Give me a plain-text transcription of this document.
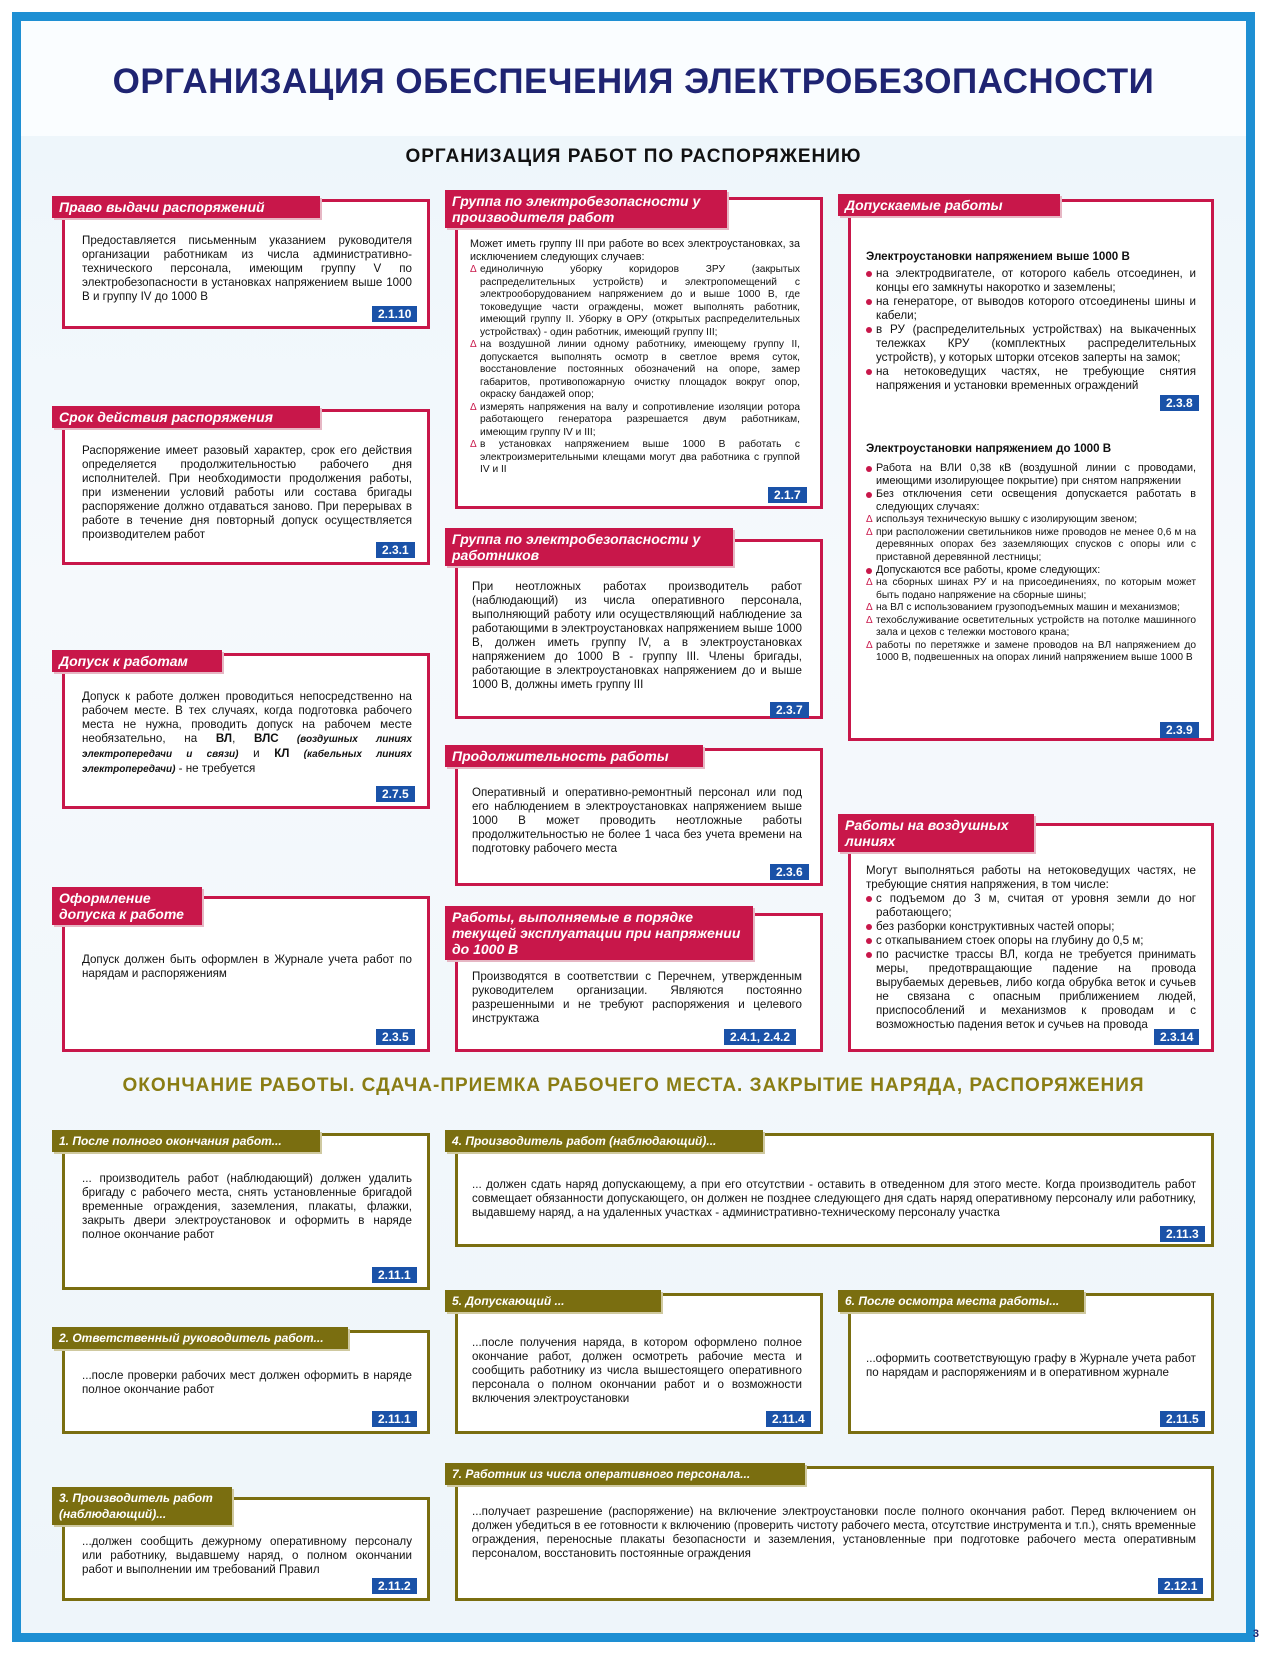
ОРГАНИЗАЦИЯ ОБЕСПЕЧЕНИЯ ЭЛЕКТРОБЕЗОПАСНОСТИ
ОРГАНИЗАЦИЯ РАБОТ ПО РАСПОРЯЖЕНИЮ
Право выдачи распоряжений
Предоставляется письменным указанием руководителя организации работникам из числа административно-технического персонала, имеющим группу V по электробезопасности в установках напряжением выше 1000 В и группу IV до 1000 В
2.1.10
Срок действия распоряжения
Распоряжение имеет разовый характер, срок его действия определяется продолжительностью рабочего дня исполнителей. При необходимости продолжения работы, при изменении условий работы или состава бригады распоряжение должно отдаваться заново. При перерывах в работе в течение дня повторный допуск осуществляется производителем работ
2.3.1
Допуск к работам
Допуск к работе должен проводиться непосредственно на рабочем месте. В тех случаях, когда подготовка рабочего места не нужна, проводить допуск на рабочем месте необязательно, на ВЛ, ВЛС (воздушных линиях электропередачи и связи) и КЛ (кабельных линиях электропередачи) - не требуется
2.7.5
Оформление допуска к работе
Допуск должен быть оформлен в Журнале учета работ по нарядам и распоряжениям
2.3.5
Группа по электробезопасности у производителя работ

Может иметь группу III при работе во всех электроустановках, за исключением следующих случаев:

Δ единоличную уборку коридоров ЗРУ (закрытых распределительных устройств) и электропомещений с электрооборудованием напряжением до и выше 1000 В, где токоведущие части ограждены, может выполнять работник, имеющий группу II. Уборку в ОРУ (открытых распределительных устройствах) - один работник, имеющий группу III;

Δ на воздушной линии одному работнику, имеющему группу II, допускается выполнять осмотр в светлое время суток, восстановление постоянных обозначений на опоре, замер габаритов, противопожарную очистку площадок вокруг опор, окраску бандажей опор;

Δ измерять напряжения на валу и сопротивление изоляции ротора работающего генератора разрешается двум работникам, имеющим группу IV и III;

Δ в установках напряжением выше 1000 В работать с электроизмерительными клещами могут два работника с группой IV и II

2.1.7
Группа по электробезопасности у работников
При неотложных работах производитель работ (наблюдающий) из числа оперативного персонала, выполняющий работу или осуществляющий наблюдение за работающими в электроустановках напряжением выше 1000 В, должен иметь группу IV, а в электроустановках напряжением до 1000 В - группу III. Члены бригады, работающие в электроустановках напряжением до и выше 1000 В, должны иметь группу III
2.3.7
Продолжительность работы
Оперативный и оперативно-ремонтный персонал или под его наблюдением в электроустановках напряжением выше 1000 В может проводить неотложные работы продолжительностью не более 1 часа без учета времени на подготовку рабочего места
2.3.6
Работы, выполняемые в порядке текущей эксплуатации при напряжении до 1000 В
Производятся в соответствии с Перечнем, утвержденным руководителем организации. Являются постоянно разрешенными и не требуют распоряжения и целевого инструктажа
2.4.1, 2.4.2
Допускаемые работы

Электроустановки напряжением выше 1000 В

на электродвигателе, от которого кабель отсоединен, и концы его замкнуты накоротко и заземлены;

на генераторе, от выводов которого отсоединены шины и кабели;

в РУ (распределительных устройствах) на выкаченных тележках КРУ (комплектных распределительных устройств), у которых шторки отсеков заперты на замок;

на нетоковедущих частях, не требующие снятия напряжения и установки временных ограждений

2.3.8

Электроустановки напряжением до 1000 В

Работа на ВЛИ 0,38 кВ (воздушной линии с проводами, имеющими изолирующее покрытие) при снятом напряжении

Без отключения сети освещения допускается работать в следующих случаях:

Δ используя техническую вышку с изолирующим звеном;

Δ при расположении светильников ниже проводов не менее 0,6 м на деревянных опорах без заземляющих спусков с опоры или с приставной деревянной лестницы;

Допускаются все работы, кроме следующих:

Δ на сборных шинах РУ и на присоединениях, по которым может быть подано напряжение на сборные шины;

Δ на ВЛ с использованием грузоподъемных машин и механизмов;

Δ техобслуживание осветительных устройств на потолке машинного зала и цехов с тележки мостового крана;

Δ работы по перетяжке и замене проводов на ВЛ напряжением до 1000 В, подвешенных на опорах линий напряжением выше 1000 В

2.3.9
Работы на воздушных линиях

Могут выполняться работы на нетоковедущих частях, не требующие снятия напряжения, в том числе:

с подъемом до 3 м, считая от уровня земли до ног работающего;

без разборки конструктивных частей опоры;

с откапыванием стоек опоры на глубину до 0,5 м;

по расчистке трассы ВЛ, когда не требуется принимать меры, предотвращающие падение на провода вырубаемых деревьев, либо когда обрубка веток и сучьев не связана с опасным приближением людей, приспособлений и механизмов к проводам и с возможностью падения веток и сучьев на провода

2.3.14
ОКОНЧАНИЕ РАБОТЫ. СДАЧА-ПРИЕМКА РАБОЧЕГО МЕСТА. ЗАКРЫТИЕ НАРЯДА, РАСПОРЯЖЕНИЯ
1. После полного окончания работ...
... производитель работ (наблюдающий) должен удалить бригаду с рабочего места, снять установленные бригадой временные ограждения, заземления, плакаты, флажки, закрыть двери электроустановок и оформить в наряде полное окончание работ
2.11.1
2. Ответственный руководитель работ...
...после проверки рабочих мест должен оформить в наряде полное окончание работ
2.11.1
3. Производитель работ (наблюдающий)...
...должен сообщить дежурному оперативному персоналу или работнику, выдавшему наряд, о полном окончании работ и выполнении им требований Правил
2.11.2
4. Производитель работ (наблюдающий)...
... должен сдать наряд допускающему, а при его отсутствии - оставить в отведенном для этого месте. Когда производитель работ совмещает обязанности допускающего, он должен не позднее следующего дня сдать наряд оперативному персоналу или работнику, выдавшему наряд, а на удаленных участках - административно-техническому персоналу участка
2.11.3
5. Допускающий ...
...после получения наряда, в котором оформлено полное окончание работ, должен осмотреть рабочие места и сообщить работнику из числа вышестоящего оперативного персонала о полном окончании работ и о возможности включения электроустановки
2.11.4
6. После осмотра места работы...
...оформить соответствующую графу в Журнале учета работ по нарядам и распоряжениям и в оперативном журнале
2.11.5
7. Работник из числа оперативного персонала...
...получает разрешение (распоряжение) на включение электроустановки после полного окончания работ. Перед включением он должен убедиться в ее готовности к включению (проверить чистоту рабочего места, отсутствие инструмента и т.п.), снять временные ограждения, переносные плакаты безопасности и заземления, установленные при подготовке рабочего места оперативным персоналом, восстановить постоянные ограждения
2.12.1
3
